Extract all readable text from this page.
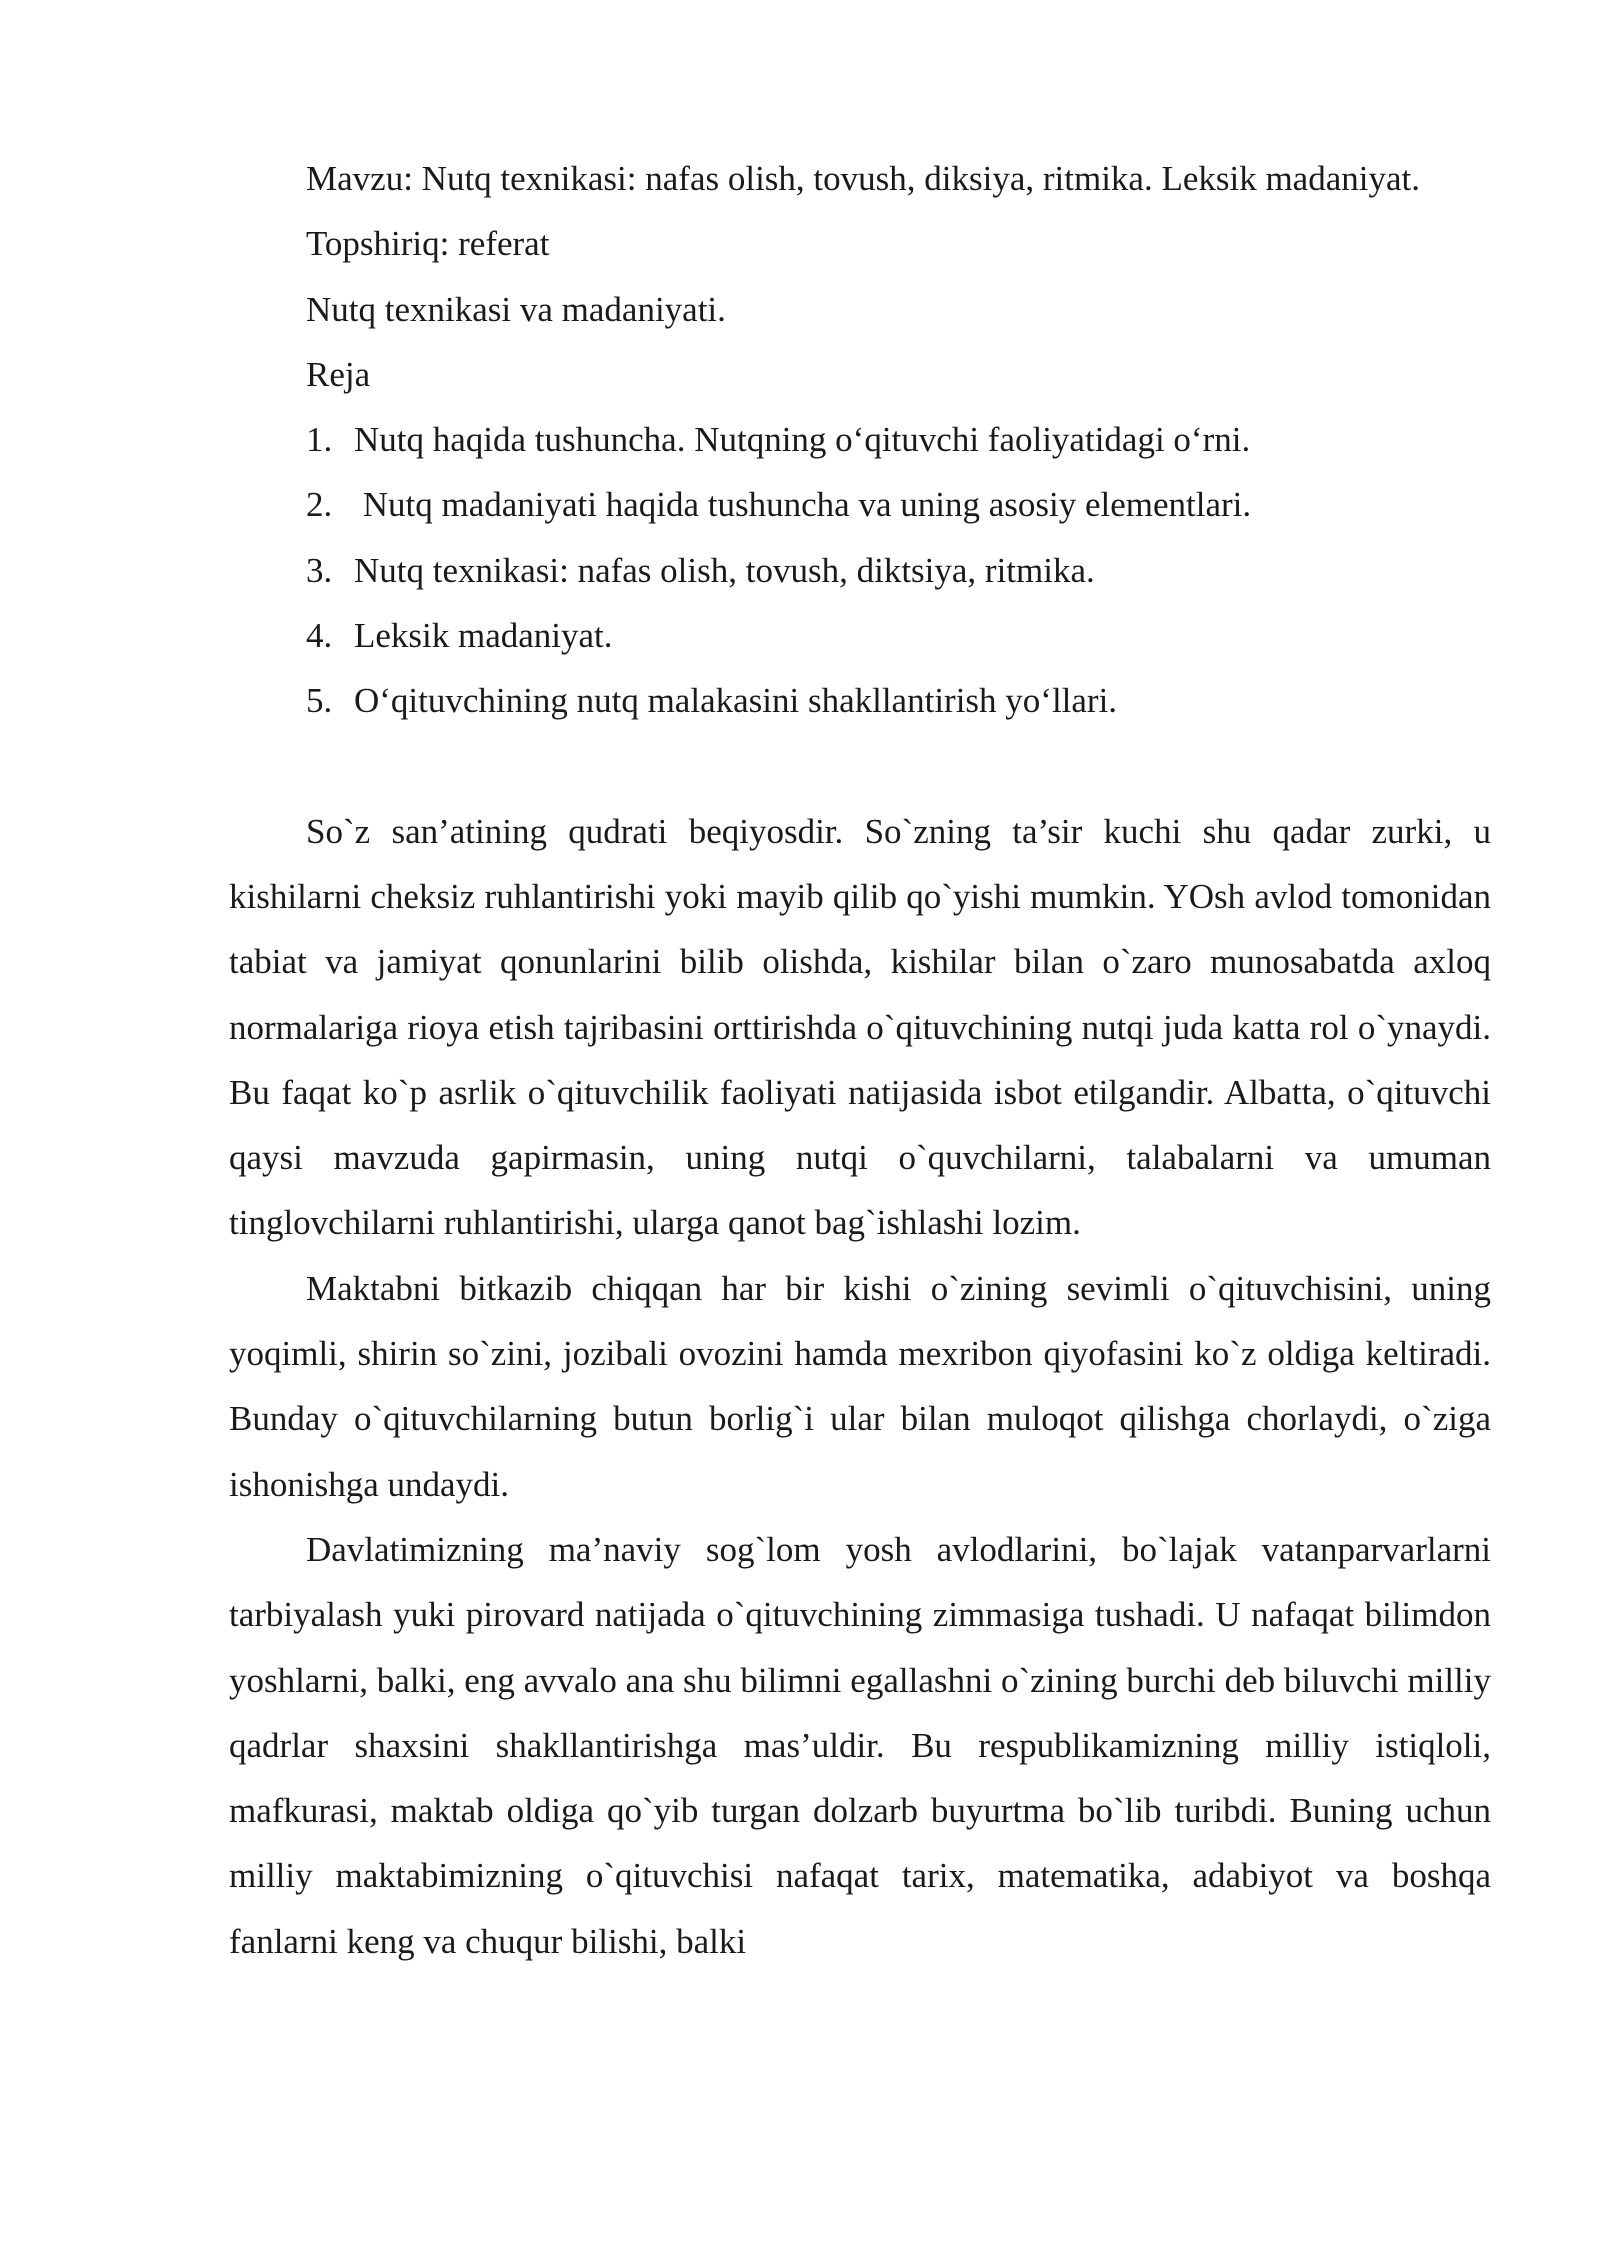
Mavzu: Nutq texnikasi: nafas olish, tovush, diksiya, ritmika. Leksik madaniyat.

Topshiriq: referat

Nutq texnikasi va madaniyati.

Reja

1. Nutq haqida tushuncha. Nutqning o‘qituvchi faoliyatidagi o‘rni.
2. Nutq madaniyati haqida tushuncha va uning asosiy elementlari.
3. Nutq texnikasi: nafas olish, tovush, diktsiya, ritmika.
4. Leksik madaniyat.
5. O‘qituvchining nutq malakasini shakllantirish yo‘llari.

So`z san’atining qudrati beqiyosdir. So`zning ta’sir kuchi shu qadar zurki, u kishilarni cheksiz ruhlantirishi yoki mayib qilib qo`yishi mumkin. YOsh avlod tomonidan tabiat va jamiyat qonunlarini bilib olishda, kishilar bilan o`zaro munosabatda axloq normalariga rioya etish tajribasini orttirishda o`qituvchining nutqi juda katta rol o`ynaydi. Bu faqat ko`p asrlik o`qituvchilik faoliyati natijasida isbot etilgandir. Albatta, o`qituvchi qaysi mavzuda gapirmasin, uning nutqi o`quvchilarni, talabalarni va umuman tinglovchilarni ruhlantirishi, ularga qanot bag`ishlashi lozim.

Maktabni bitkazib chiqqan har bir kishi o`zining sevimli o`qituvchisini, uning yoqimli, shirin so`zini, jozibali ovozini hamda mexribon qiyofasini ko`z oldiga keltiradi. Bunday o`qituvchilarning butun borlig`i ular bilan muloqot qilishga chorlaydi, o`ziga ishonishga undaydi.

Davlatimizning ma’naviy sog`lom yosh avlodlarini, bo`lajak vatanparvarlarni tarbiyalash yuki pirovard natijada o`qituvchining zimmasiga tushadi. U nafaqat bilimdon yoshlarni, balki, eng avvalo ana shu bilimni egallashni o`zining burchi deb biluvchi milliy qadrlar shaxsini shakllantirishga mas’uldir. Bu respublikamizning milliy istiqloli, mafkurasi, maktab oldiga qo`yib turgan dolzarb buyurtma bo`lib turibdi. Buning uchun milliy maktabimizning o`qituvchisi nafaqat tarix, matematika, adabiyot va boshqa fanlarni keng va chuqur bilishi, balki
